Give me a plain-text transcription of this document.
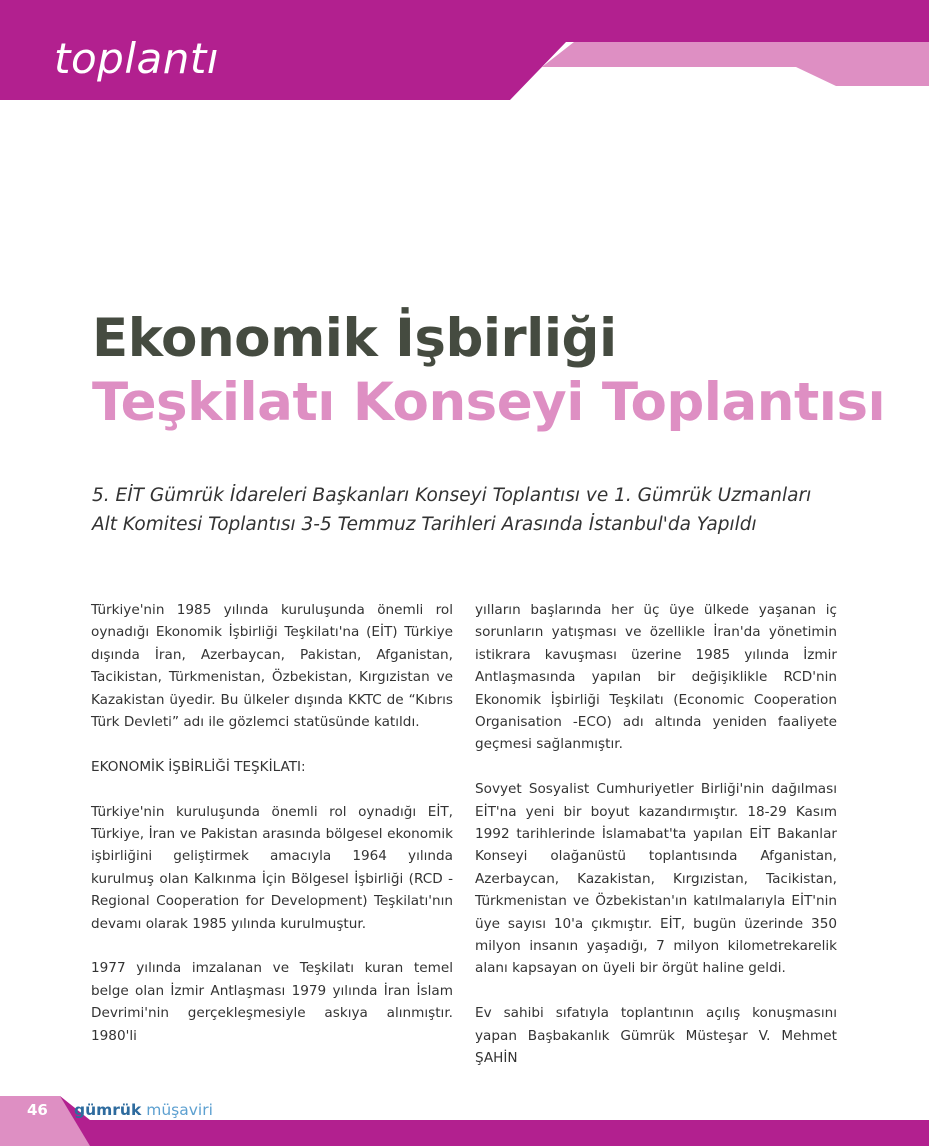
toplantı
Ekonomik İşbirliği
Teşkilatı Konseyi Toplantısı
5. EİT Gümrük İdareleri Başkanları Konseyi Toplantısı ve 1. Gümrük Uzmanları
Alt Komitesi Toplantısı 3-5 Temmuz Tarihleri Arasında İstanbul'da Yapıldı

Türkiye'nin 1985 yılında kuruluşunda önemli rol oynadığı Ekonomik İşbirliği Teşkilatı'na (EİT) Türkiye dışında İran, Azerbaycan, Pakistan, Afganistan, Tacikistan, Türkmenistan, Özbekistan, Kırgızistan ve Kazakistan üyedir. Bu ülkeler dışında KKTC de “Kıbrıs Türk Devleti” adı ile gözlemci statüsünde katıldı.

EKONOMİK İŞBİRLİĞİ TEŞKİLATI:

Türkiye'nin kuruluşunda önemli rol oynadığı EİT, Türkiye, İran ve Pakistan arasında bölgesel ekonomik işbirliğini geliştirmek amacıyla 1964 yılında kurulmuş olan Kalkınma İçin Bölgesel İşbirliği (RCD -Regional Cooperation for Development) Teşkilatı'nın devamı olarak 1985 yılında kurulmuştur.

1977 yılında imzalanan ve Teşkilatı kuran temel belge olan İzmir Antlaşması 1979 yılında İran İslam Devrimi'nin gerçekleşmesiyle askıya alınmıştır. 1980'li

yılların başlarında her üç üye ülkede yaşanan iç sorunların yatışması ve özellikle İran'da yönetimin istikrara kavuşması üzerine 1985 yılında İzmir Antlaşmasında yapılan bir değişiklikle RCD'nin Ekonomik İşbirliği Teşkilatı (Economic Cooperation Organisation -ECO) adı altında yeniden faaliyete geçmesi sağlanmıştır.

Sovyet Sosyalist Cumhuriyetler Birliği'nin dağılması EİT'na yeni bir boyut kazandırmıştır. 18-29 Kasım 1992 tarihlerinde İslamabat'ta yapılan EİT Bakanlar Konseyi olağanüstü toplantısında Afganistan, Azerbaycan, Kazakistan, Kırgızistan, Tacikistan, Türkmenistan ve Özbekistan'ın katılmalarıyla EİT'nin üye sayısı 10'a çıkmıştır. EİT, bugün üzerinde 350 milyon insanın yaşadığı, 7 milyon kilometrekarelik alanı kapsayan on üyeli bir örgüt haline geldi.

Ev sahibi sıfatıyla toplantının açılış konuşmasını yapan Başbakanlık Gümrük Müsteşar V. Mehmet ŞAHİN

46 gümrük müşaviri
